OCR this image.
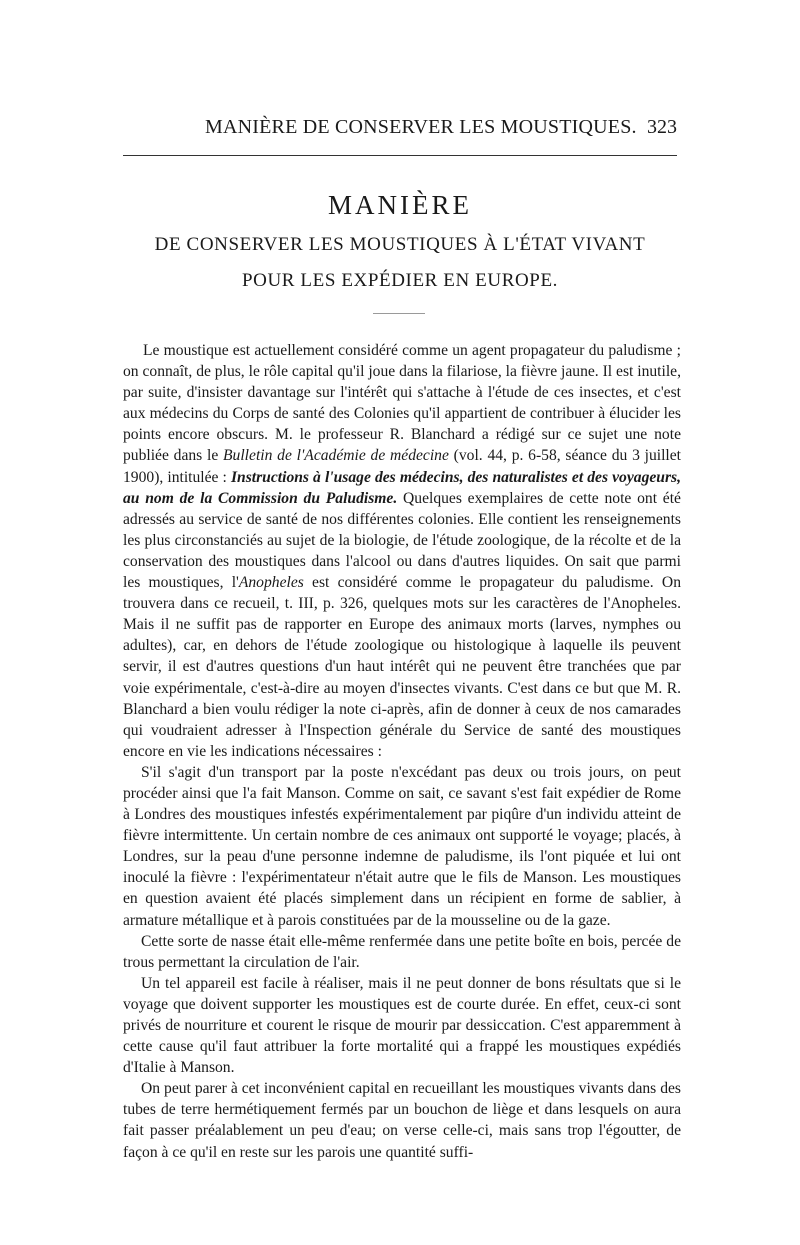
MANIÈRE DE CONSERVER LES MOUSTIQUES. 323
MANIÈRE
DE CONSERVER LES MOUSTIQUES À L'ÉTAT VIVANT
POUR LES EXPÉDIER EN EUROPE.

Le moustique est actuellement considéré comme un agent propagateur du paludisme ; on connaît, de plus, le rôle capital qu'il joue dans la filariose, la fièvre jaune. Il est inutile, par suite, d'insister davantage sur l'intérêt qui s'attache à l'étude de ces insectes, et c'est aux médecins du Corps de santé des Colonies qu'il appartient de contribuer à élucider les points encore obscurs. M. le professeur R. Blanchard a rédigé sur ce sujet une note publiée dans le Bulletin de l'Académie de médecine (vol. 44, p. 6-58, séance du 3 juillet 1900), intitulée : Instructions à l'usage des médecins, des naturalistes et des voyageurs, au nom de la Commission du Paludisme. Quelques exemplaires de cette note ont été adressés au service de santé de nos différentes colonies. Elle contient les renseignements les plus circonstanciés au sujet de la biologie, de l'étude zoologique, de la récolte et de la conservation des moustiques dans l'alcool ou dans d'autres liquides. On sait que parmi les moustiques, l'Anopheles est considéré comme le propagateur du paludisme. On trouvera dans ce recueil, t. III, p. 326, quelques mots sur les caractères de l'Anopheles. Mais il ne suffit pas de rapporter en Europe des animaux morts (larves, nymphes ou adultes), car, en dehors de l'étude zoologique ou histologique à laquelle ils peuvent servir, il est d'autres questions d'un haut intérêt qui ne peuvent être tranchées que par voie expérimentale, c'est-à-dire au moyen d'insectes vivants. C'est dans ce but que M. R. Blanchard a bien voulu rédiger la note ci-après, afin de donner à ceux de nos camarades qui voudraient adresser à l'Inspection générale du Service de santé des moustiques encore en vie les indications nécessaires :

S'il s'agit d'un transport par la poste n'excédant pas deux ou trois jours, on peut procéder ainsi que l'a fait Manson. Comme on sait, ce savant s'est fait expédier de Rome à Londres des moustiques infestés expérimentalement par piqûre d'un individu atteint de fièvre intermittente. Un certain nombre de ces animaux ont supporté le voyage; placés, à Londres, sur la peau d'une personne indemne de paludisme, ils l'ont piquée et lui ont inoculé la fièvre : l'expérimentateur n'était autre que le fils de Manson. Les moustiques en question avaient été placés simplement dans un récipient en forme de sablier, à armature métallique et à parois constituées par de la mousseline ou de la gaze.

Cette sorte de nasse était elle-même renfermée dans une petite boîte en bois, percée de trous permettant la circulation de l'air.

Un tel appareil est facile à réaliser, mais il ne peut donner de bons résultats que si le voyage que doivent supporter les moustiques est de courte durée. En effet, ceux-ci sont privés de nourriture et courent le risque de mourir par dessiccation. C'est apparemment à cette cause qu'il faut attribuer la forte mortalité qui a frappé les moustiques expédiés d'Italie à Manson.

On peut parer à cet inconvénient capital en recueillant les moustiques vivants dans des tubes de terre hermétiquement fermés par un bouchon de liège et dans lesquels on aura fait passer préalablement un peu d'eau; on verse celle-ci, mais sans trop l'égoutter, de façon à ce qu'il en reste sur les parois une quantité suffi-
